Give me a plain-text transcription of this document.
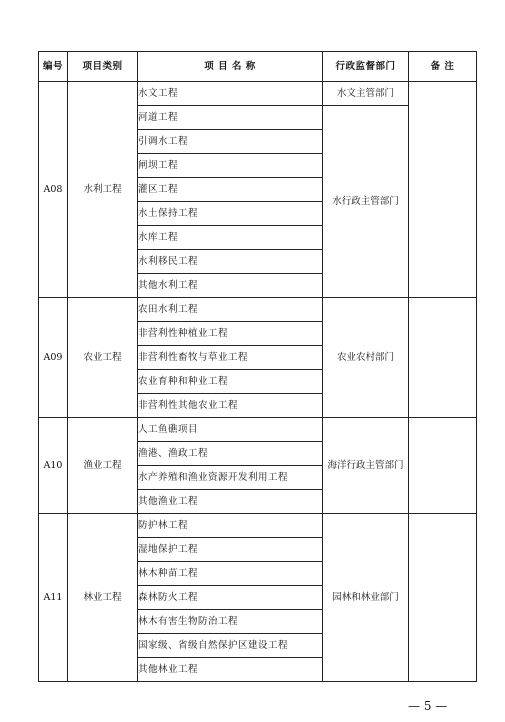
编号	项目类别	项 目 名 称	行政监督部门	备 注
A08	水利工程	水文工程	水文主管部门	
		河道工程	水行政主管部门	
		引调水工程		
		闸坝工程		
		灌区工程		
		水土保持工程		
		水库工程		
		水利移民工程		
		其他水利工程		
A09	农业工程	农田水利工程	农业农村部门	
		非营利性种植业工程		
		非营利性畜牧与草业工程		
		农业育种和种业工程		
		非营利性其他农业工程		
A10	渔业工程	人工鱼礁项目	海洋行政主管部门	
		渔港、渔政工程		
		水产养殖和渔业资源开发利用工程		
		其他渔业工程		
A11	林业工程	防护林工程	园林和林业部门	
		湿地保护工程		
		林木种苗工程		
		森林防火工程		
		林木有害生物防治工程		
		国家级、省级自然保护区建设工程		
		其他林业工程		
— 5 —
